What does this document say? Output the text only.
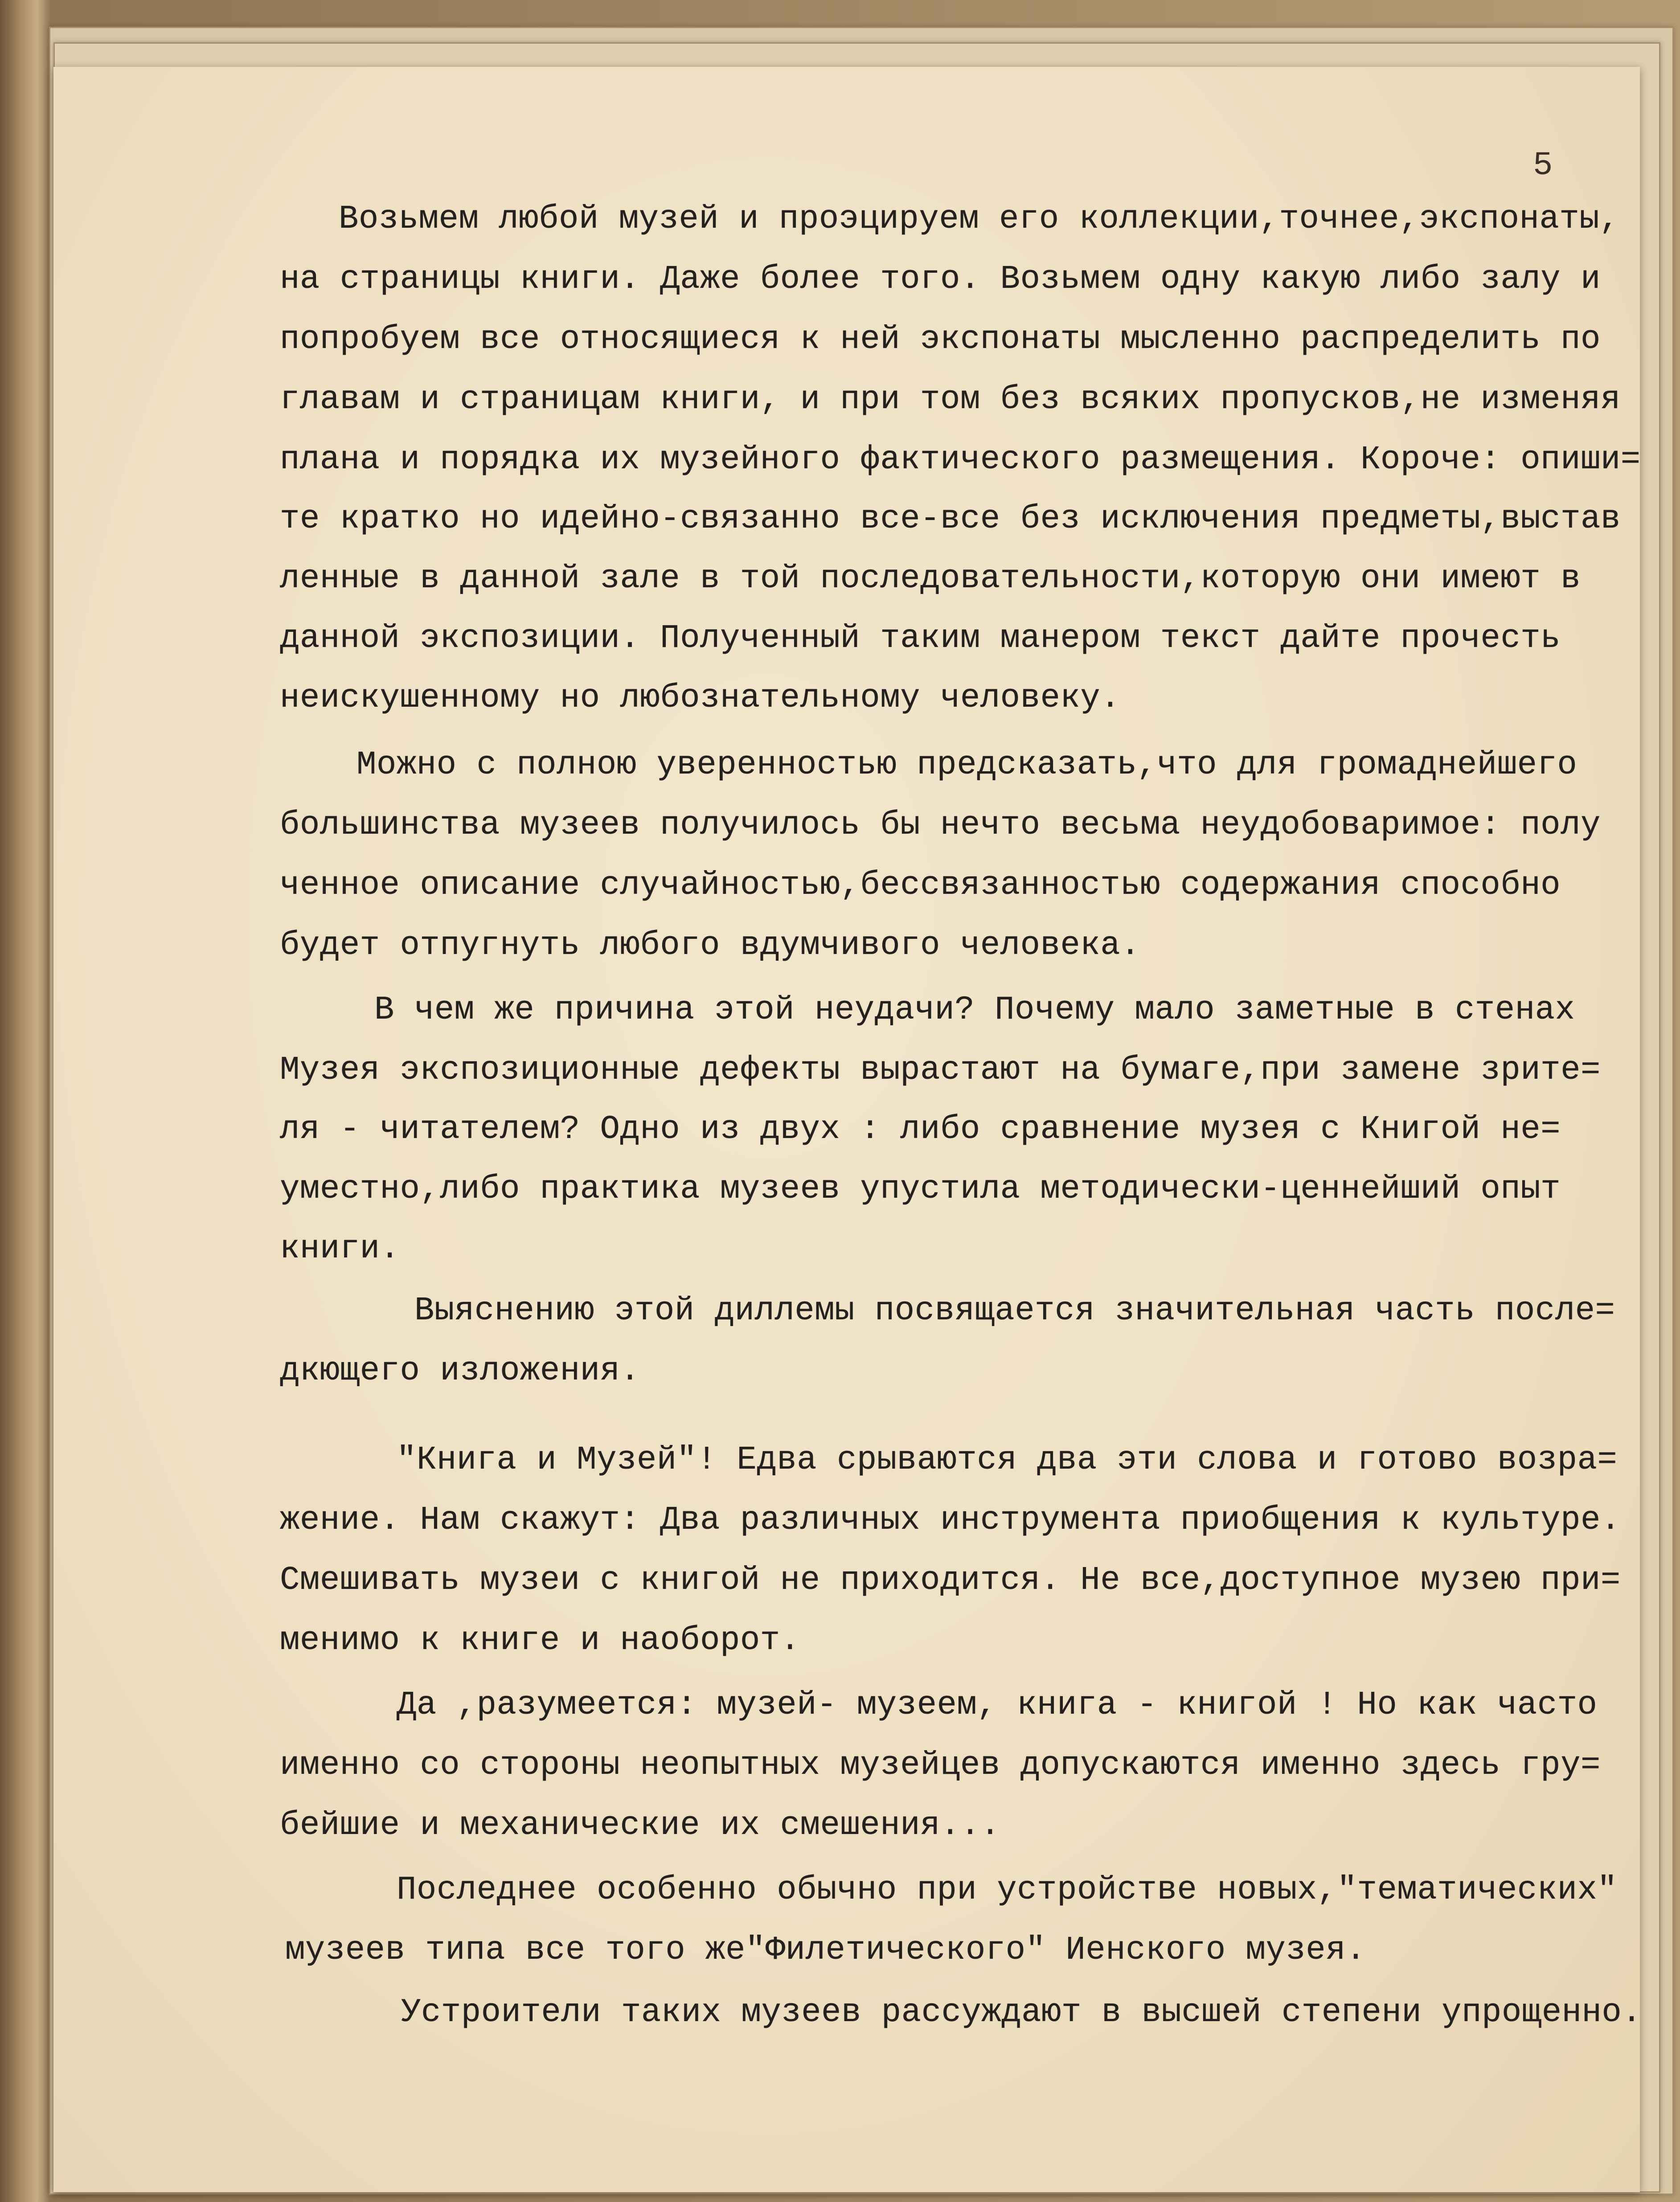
5

Возьмем любой музей и проэцируем его коллекции,точнее,экспонаты,

на страницы книги. Даже более того. Возьмем одну какую либо залу и

попробуем все относящиеся к ней экспонаты мысленно распределить по

главам и страницам книги, и при том без всяких пропусков,не изменяя

плана и порядка их музейного фактического размещения. Короче: опиши=

те кратко но идейно-связанно все-все без исключения предметы,выстав

ленные в данной зале в той последовательности,которую они имеют в

данной экспозиции. Полученный таким манером текст дайте прочесть

неискушенному но любознательному человеку.

Можно с полною уверенностью предсказать,что для громаднейшего

большинства музеев получилось бы нечто весьма неудобоваримое: полу

ченное описание случайностью,бессвязанностью содержания способно

будет отпугнуть любого вдумчивого человека.

В чем же причина этой неудачи? Почему мало заметные в стенах

Музея экспозиционные дефекты вырастают на бумаге,при замене зрите=

ля - читателем? Одно из двух : либо сравнение музея с Книгой не=

уместно,либо практика музеев упустила методически-ценнейший опыт

книги.

Выяснению этой диллемы посвящается значительная часть после=

дкющего изложения.

"Книга и Музей"! Едва срываются два эти слова и готово возра=

жение. Нам скажут: Два различных инструмента приобщения к культуре.

Смешивать музеи с книгой не приходится. Не все,доступное музею при=

менимо к книге и наоборот.

Да ,разумеется: музей- музеем, книга - книгой ! Но как часто

именно со стороны неопытных музейцев допускаются именно здесь гру=

бейшие и механические их смешения...

Последнее особенно обычно при устройстве новых,"тематических"

музеев типа все того же"Филетического" Иенского музея.

Устроители таких музеев рассуждают в высшей степени упрощенно.
